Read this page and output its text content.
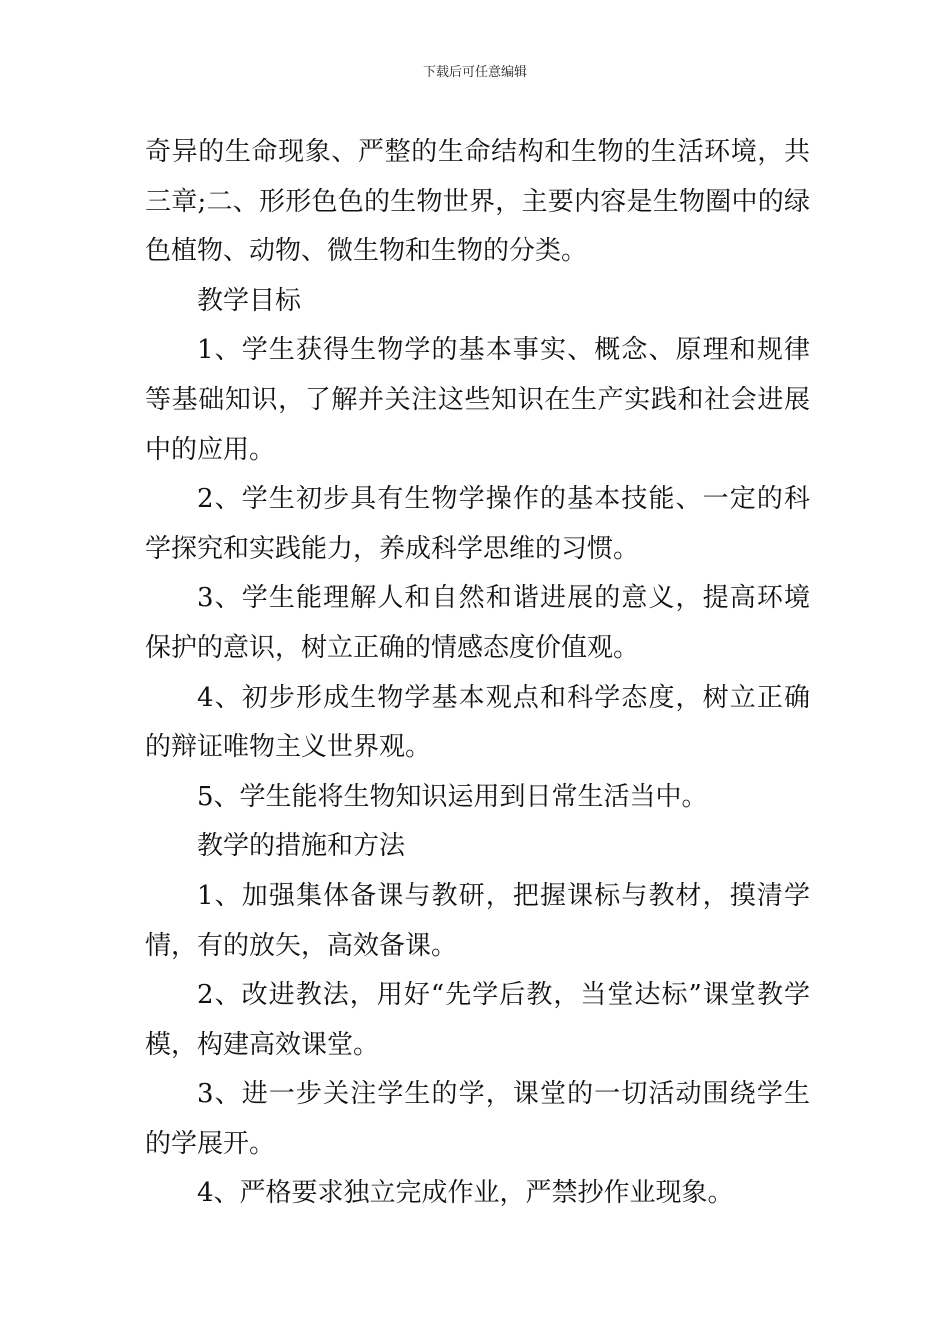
下载后可任意编辑

奇异的生命现象、严整的生命结构和生物的生活环境，共三章;二、形形色色的生物世界，主要内容是生物圈中的绿色植物、动物、微生物和生物的分类。

教学目标

1、学生获得生物学的基本事实、概念、原理和规律等基础知识，了解并关注这些知识在生产实践和社会进展中的应用。

2、学生初步具有生物学操作的基本技能、一定的科学探究和实践能力，养成科学思维的习惯。

3、学生能理解人和自然和谐进展的意义，提高环境保护的意识，树立正确的情感态度价值观。

4、初步形成生物学基本观点和科学态度，树立正确的辩证唯物主义世界观。

5、学生能将生物知识运用到日常生活当中。

教学的措施和方法

1、加强集体备课与教研，把握课标与教材，摸清学情，有的放矢，高效备课。

2、改进教法，用好“先学后教，当堂达标”课堂教学模，构建高效课堂。

3、进一步关注学生的学，课堂的一切活动围绕学生的学展开。

4、严格要求独立完成作业，严禁抄作业现象。
